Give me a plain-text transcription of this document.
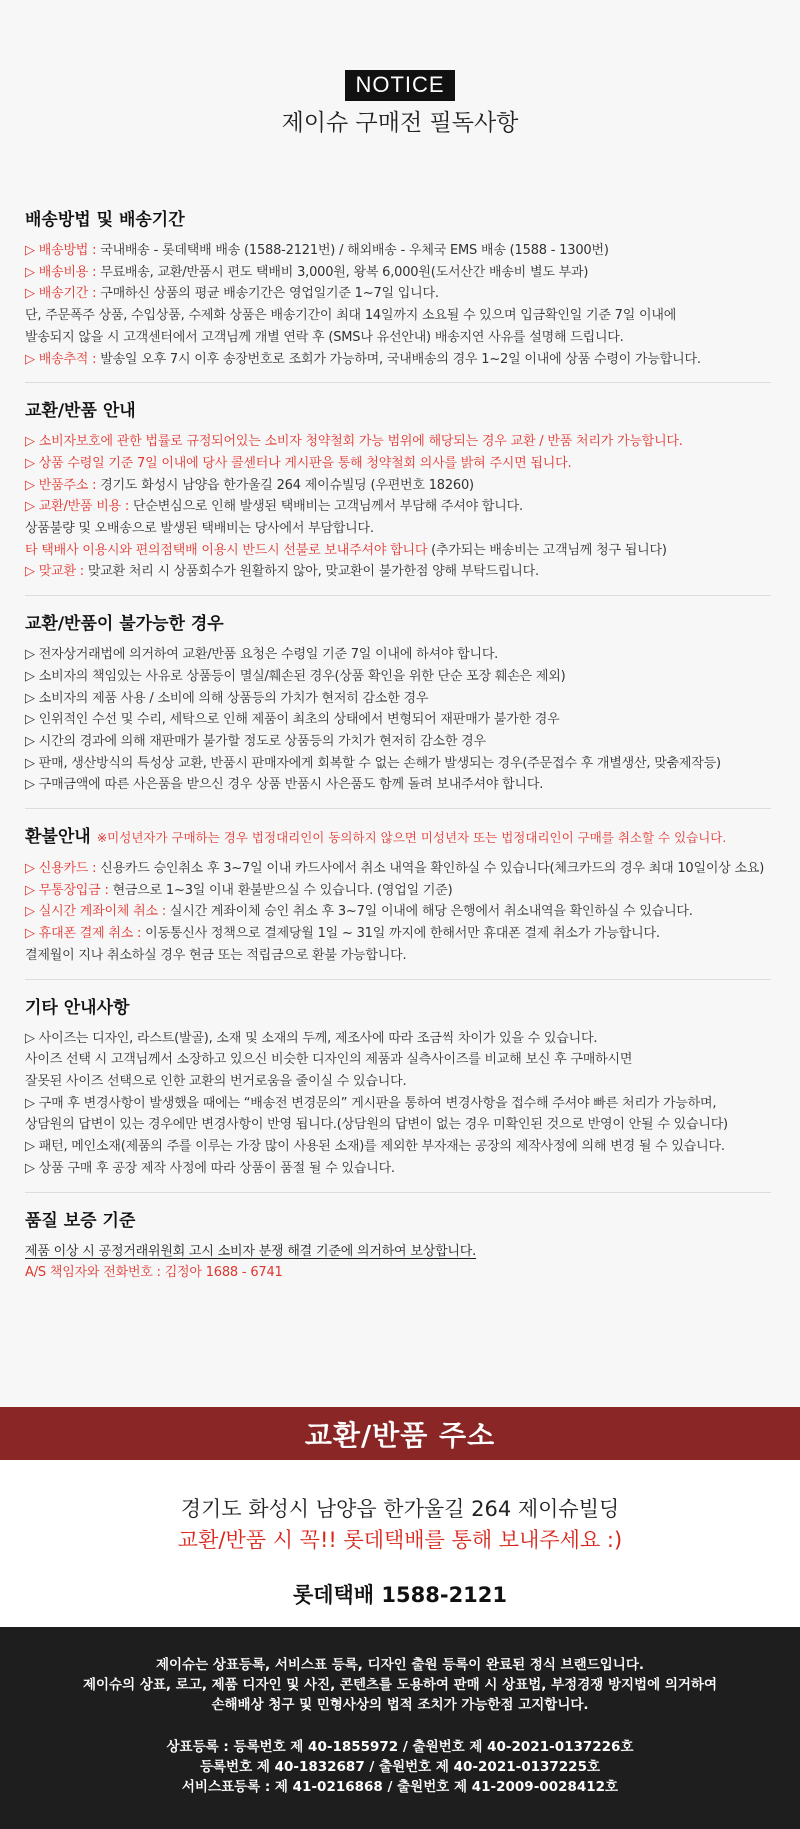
NOTICE
제이슈 구매전 필독사항
배송방법 및 배송기간
▷ 배송방법 : 국내배송 - 롯데택배 배송 (1588-2121번) / 해외배송 - 우체국 EMS 배송 (1588 - 1300번)
▷ 배송비용 : 무료배송, 교환/반품시 편도 택배비 3,000원, 왕복 6,000원(도서산간 배송비 별도 부과)
▷ 배송기간 : 구매하신 상품의 평균 배송기간은 영업일기준 1~7일 입니다.
단, 주문폭주 상품, 수입상품, 수제화 상품은 배송기간이 최대 14일까지 소요될 수 있으며 입금확인일 기준 7일 이내에
발송되지 않을 시 고객센터에서 고객님께 개별 연락 후 (SMS나 유선안내) 배송지연 사유를 설명해 드립니다.
▷ 배송추적 : 발송일 오후 7시 이후 송장번호로 조회가 가능하며, 국내배송의 경우 1~2일 이내에 상품 수령이 가능합니다.
교환/반품 안내
▷ 소비자보호에 관한 법률로 규정되어있는 소비자 청약철회 가능 범위에 해당되는 경우 교환 / 반품 처리가 가능합니다.
▷ 상품 수령일 기준 7일 이내에 당사 콜센터나 게시판을 통해 청약철회 의사를 밝혀 주시면 됩니다.
▷ 반품주소 : 경기도 화성시 남양읍 한가울길 264 제이슈빌딩 (우편번호 18260)
▷ 교환/반품 비용 : 단순변심으로 인해 발생된 택배비는 고객님께서 부담해 주셔야 합니다.
상품불량 및 오배송으로 발생된 택배비는 당사에서 부담합니다.
타 택배사 이용시와 편의점택배 이용시 반드시 선불로 보내주셔야 합니다 (추가되는 배송비는 고객님께 청구 됩니다)
▷ 맞교환 : 맞교환 처리 시 상품회수가 원활하지 않아, 맞교환이 불가한점 양해 부탁드립니다.
교환/반품이 불가능한 경우
▷ 전자상거래법에 의거하여 교환/반품 요청은 수령일 기준 7일 이내에 하셔야 합니다.
▷ 소비자의 책임있는 사유로 상품등이 멸실/훼손된 경우(상품 확인을 위한 단순 포장 훼손은 제외)
▷ 소비자의 제품 사용 / 소비에 의해 상품등의 가치가 현저히 감소한 경우
▷ 인위적인 수선 및 수리, 세탁으로 인해 제품이 최초의 상태에서 변형되어 재판매가 불가한 경우
▷ 시간의 경과에 의해 재판매가 불가할 정도로 상품등의 가치가 현저히 감소한 경우
▷ 판매, 생산방식의 특성상 교환, 반품시 판매자에게 회복할 수 없는 손해가 발생되는 경우(주문접수 후 개별생산, 맞춤제작등)
▷ 구매금액에 따른 사은품을 받으신 경우 상품 반품시 사은품도 함께 돌려 보내주셔야 합니다.
환불안내 ※미성년자가 구매하는 경우 법정대리인이 동의하지 않으면 미성년자 또는 법정대리인이 구매를 취소할 수 있습니다.
▷ 신용카드 : 신용카드 승인취소 후 3~7일 이내 카드사에서 취소 내역을 확인하실 수 있습니다(체크카드의 경우 최대 10일이상 소요)
▷ 무통장입금 : 현금으로 1~3일 이내 환불받으실 수 있습니다. (영업일 기준)
▷ 실시간 계좌이체 취소 : 실시간 계좌이체 승인 취소 후 3~7일 이내에 해당 은행에서 취소내역을 확인하실 수 있습니다.
▷ 휴대폰 결제 취소 : 이동통신사 정책으로 결제당월 1일 ~ 31일 까지에 한해서만 휴대폰 결제 취소가 가능합니다.
결제월이 지나 취소하실 경우 현금 또는 적립금으로 환불 가능합니다.
기타 안내사항
▷ 사이즈는 디자인, 라스트(발골), 소재 및 소재의 두께, 제조사에 따라 조금씩 차이가 있을 수 있습니다.
사이즈 선택 시 고객님께서 소장하고 있으신 비슷한 디자인의 제품과 실측사이즈를 비교해 보신 후 구매하시면
잘못된 사이즈 선택으로 인한 교환의 번거로움을 줄이실 수 있습니다.
▷ 구매 후 변경사항이 발생했을 때에는 “배송전 변경문의” 게시판을 통하여 변경사항을 접수해 주셔야 빠른 처리가 가능하며,
상담원의 답변이 있는 경우에만 변경사항이 반영 됩니다.(상담원의 답변이 없는 경우 미확인된 것으로 반영이 안될 수 있습니다)
▷ 패턴, 메인소재(제품의 주를 이루는 가장 많이 사용된 소재)를 제외한 부자재는 공장의 제작사정에 의해 변경 될 수 있습니다.
▷ 상품 구매 후 공장 제작 사정에 따라 상품이 품절 될 수 있습니다.
품질 보증 기준
제품 이상 시 공정거래위원회 고시 소비자 분쟁 해결 기준에 의거하여 보상합니다.
A/S 책임자와 전화번호 : 김정아 1688 - 6741
교환/반품 주소
경기도 화성시 남양읍 한가울길 264 제이슈빌딩
교환/반품 시 꼭!! 롯데택배를 통해 보내주세요 :)
롯데택배 1588-2121

제이슈는 상표등록, 서비스표 등록, 디자인 출원 등록이 완료된 정식 브랜드입니다.

제이슈의 상표, 로고, 제품 디자인 및 사진, 콘텐츠를 도용하여 판매 시 상표법, 부정경쟁 방지법에 의거하여

손해배상 청구 및 민형사상의 법적 조치가 가능한점 고지합니다.

상표등록 : 등록번호 제 40-1855972 / 출원번호 제 40-2021-0137226호

등록번호 제 40-1832687 / 출원번호 제 40-2021-0137225호

서비스표등록 : 제 41-0216868 / 출원번호 제 41-2009-0028412호
